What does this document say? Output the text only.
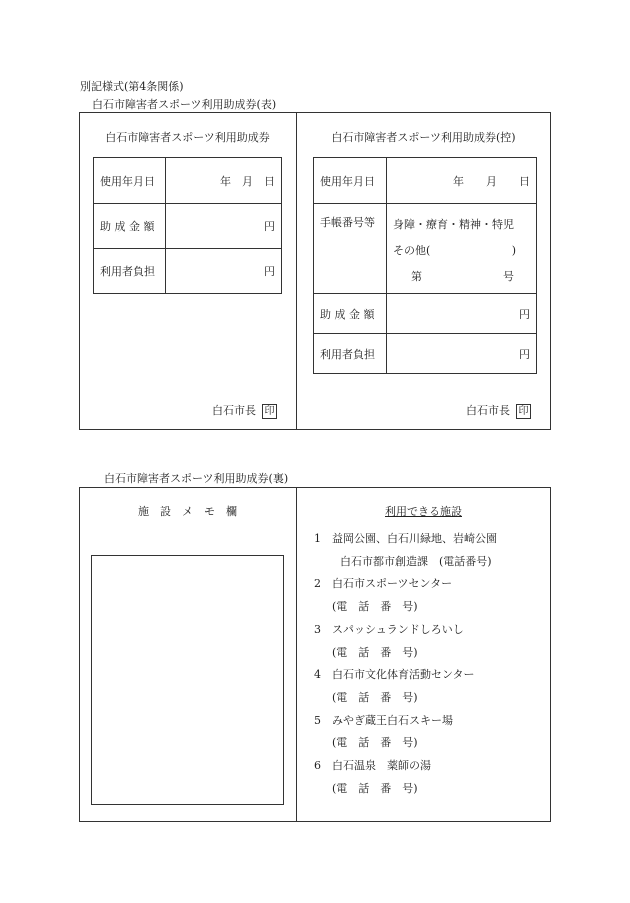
別記様式(第4条関係)
白石市障害者スポーツ利用助成券(表)
白石市障害者スポーツ利用助成券
使用年月日	年　月　日
助 成 金 額	円
利用者負担	円
白石市長 印
白石市障害者スポーツ利用助成券(控)
使用年月日	年　　月　　日
手帳番号等	身障・療育・精神・特児
その他( )
第 号

助 成 金 額	円
利用者負担	円
白石市長 印
白石市障害者スポーツ利用助成券(裏)
施　設　メ　モ　欄	利用できる施設
1　益岡公園、白石川緑地、岩崎公園
白石市都市創造課　(電話番号)
2　白石市スポーツセンター
(電　話　番　号)
3　スパッシュランドしろいし
(電　話　番　号)
4　白石市文化体育活動センター
(電　話　番　号)
5　みやぎ蔵王白石スキー場
(電　話　番　号)
6　白石温泉　薬師の湯
(電　話　番　号)
